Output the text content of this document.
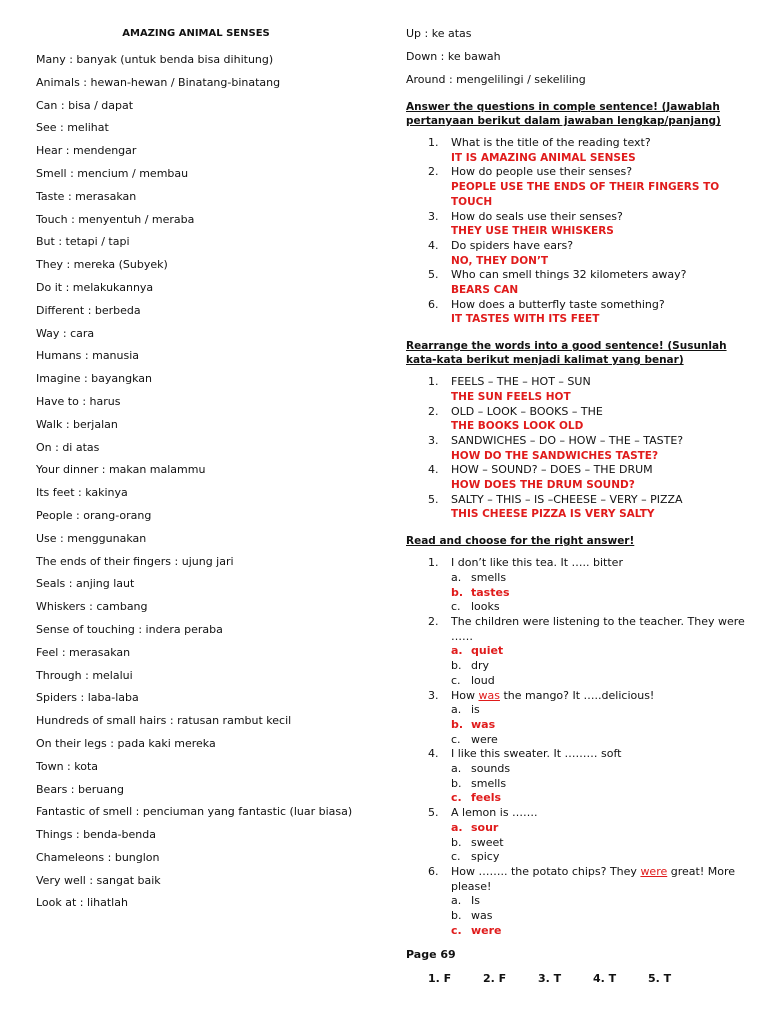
AMAZING ANIMAL SENSES
Many : banyak (untuk benda bisa dihitung)
Animals : hewan-hewan / Binatang-binatang
Can : bisa / dapat
See : melihat
Hear : mendengar
Smell : mencium / membau
Taste : merasakan
Touch : menyentuh / meraba
But : tetapi / tapi
They : mereka (Subyek)
Do it : melakukannya
Different : berbeda
Way : cara
Humans : manusia
Imagine : bayangkan
Have to : harus
Walk : berjalan
On : di atas
Your dinner : makan malammu
Its feet : kakinya
People : orang-orang
Use : menggunakan
The ends of their fingers : ujung jari
Seals : anjing laut
Whiskers : cambang
Sense of touching : indera peraba
Feel : merasakan
Through : melalui
Spiders : laba-laba
Hundreds of small hairs : ratusan rambut kecil
On their legs : pada kaki mereka
Town : kota
Bears : beruang
Fantastic of smell : penciuman yang fantastic (luar biasa)
Things : benda-benda
Chameleons : bunglon
Very well : sangat baik
Look at : lihatlah
Up : ke atas
Down : ke bawah
Around : mengelilingi / sekeliling
Answer the questions in comple sentence! (Jawablah pertanyaan berikut dalam jawaban lengkap/panjang)
1. What is the title of the reading text?
IT IS AMAZING ANIMAL SENSES
2. How do people use their senses?
PEOPLE USE THE ENDS OF THEIR FINGERS TO TOUCH
3. How do seals use their senses?
THEY USE THEIR WHISKERS
4. Do spiders have ears?
NO, THEY DON’T
5. Who can smell things 32 kilometers away?
BEARS CAN
6. How does a butterfly taste something?
IT TASTES WITH ITS FEET
Rearrange the words into a good sentence! (Susunlah kata-kata berikut menjadi kalimat yang benar)
1. FEELS – THE – HOT – SUN
THE SUN FEELS HOT
2. OLD – LOOK – BOOKS – THE
THE BOOKS LOOK OLD
3. SANDWICHES – DO – HOW – THE – TASTE?
HOW DO THE SANDWICHES TASTE?
4. HOW – SOUND? – DOES – THE DRUM
HOW DOES THE DRUM SOUND?
5. SALTY – THIS – IS –CHEESE – VERY – PIZZA
THIS CHEESE PIZZA IS VERY SALTY
Read and choose for the right answer!
1. I don’t like this tea. It ….. bitter
a. smells
b. tastes
c. looks
2. The children were listening to the teacher. They were ……
a. quiet
b. dry
c. loud
3. How was the mango? It …..delicious!
a. is
b. was
c. were
4. I like this sweater. It ……… soft
a. sounds
b. smells
c. feels
5. A lemon is …….
a. sour
b. sweet
c. spicy
6. How …….. the potato chips? They were great! More please!
a. Is
b. was
c. were
Page 69
1. F	2. F	3. T	4. T	5. T
